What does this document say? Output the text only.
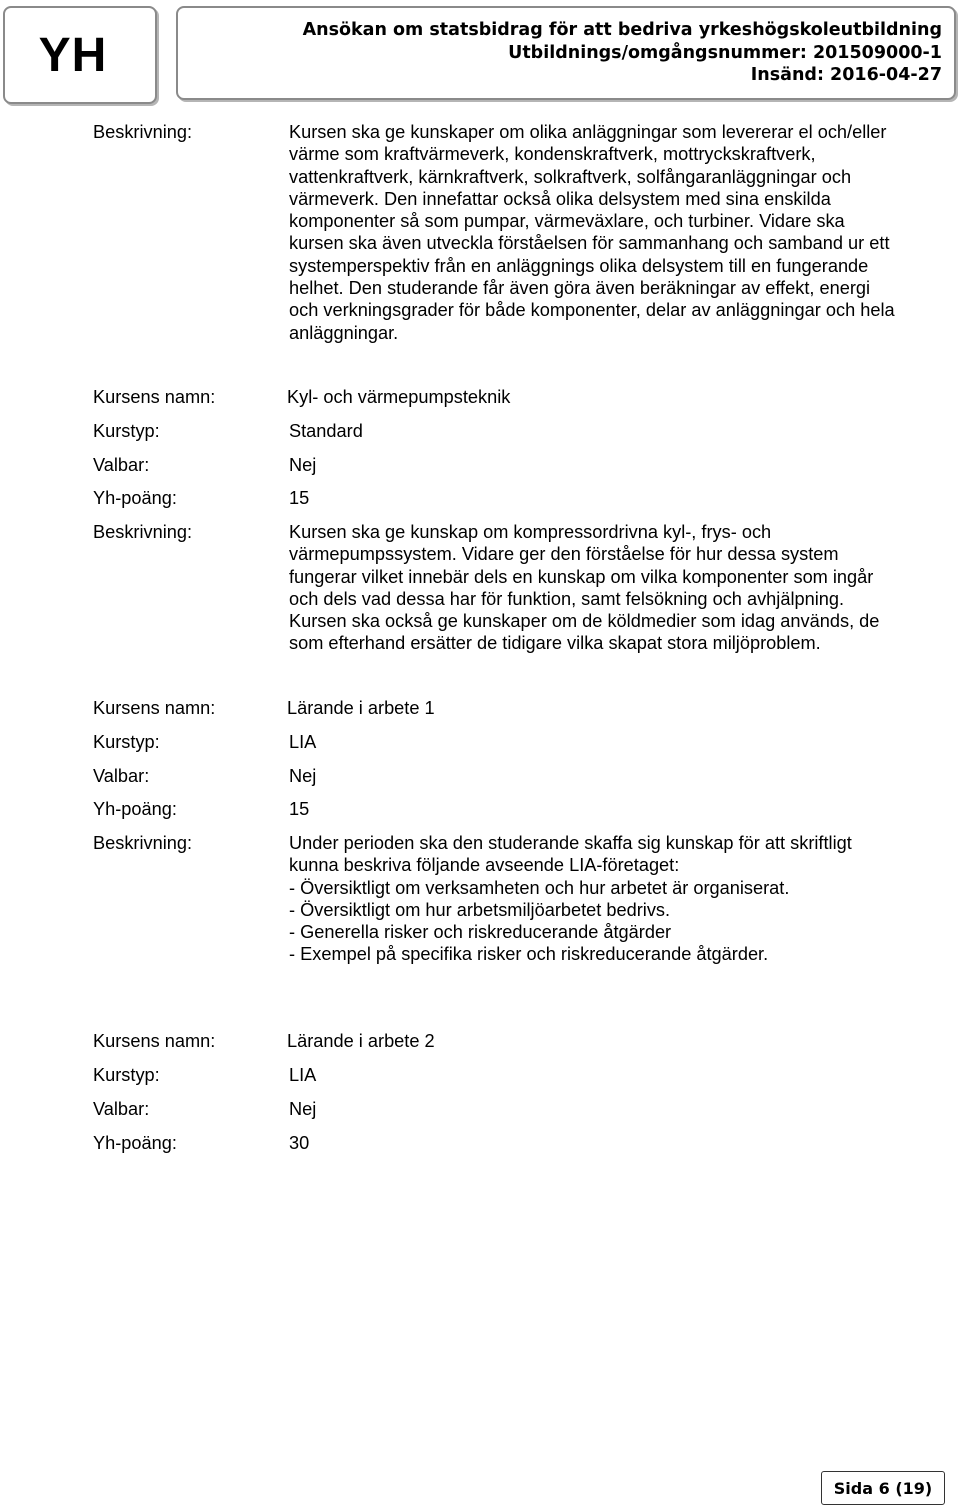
YH	Ansökan om statsbidrag för att bedriva yrkeshögskoleutbildning
Utbildnings/omgångsnummer: 201509000-1
Insänd: 2016-04-27
Beskrivning:	Kursen ska ge kunskaper om olika anläggningar som levererar el och/eller
värme som kraftvärmeverk, kondenskraftverk, mottryckskraftverk,
vattenkraftverk, kärnkraftverk, solkraftverk, solfångaranläggningar och
värmeverk. Den innefattar också olika delsystem med sina enskilda
komponenter så som pumpar, värmeväxlare, och turbiner. Vidare ska
kursen ska även utveckla förståelsen för sammanhang och samband ur ett
systemperspektiv från en anläggnings olika delsystem till en fungerande
helhet. Den studerande får även göra även beräkningar av effekt, energi
och verkningsgrader för både komponenter, delar av anläggningar och hela
anläggningar.
Kursens namn:	Kyl- och värmepumpsteknik
Kurstyp:	Standard
Valbar:	Nej
Yh-poäng:	15
Beskrivning:	Kursen ska ge kunskap om kompressordrivna kyl-, frys- och
värmepumpssystem. Vidare ger den förståelse för hur dessa system
fungerar vilket innebär dels en kunskap om vilka komponenter som ingår
och dels vad dessa har för funktion, samt felsökning och avhjälpning.
Kursen ska också ge kunskaper om de köldmedier som idag används, de
som efterhand ersätter de tidigare vilka skapat stora miljöproblem.
Kursens namn:	Lärande i arbete 1
Kurstyp:	LIA
Valbar:	Nej
Yh-poäng:	15
Beskrivning:	Under perioden ska den studerande skaffa sig kunskap för att skriftligt
kunna beskriva följande avseende LIA-företaget:
- Översiktligt om verksamheten och hur arbetet är organiserat.
- Översiktligt om hur arbetsmiljöarbetet bedrivs.
- Generella risker och riskreducerande åtgärder
- Exempel på specifika risker och riskreducerande åtgärder.
Kursens namn:	Lärande i arbete 2
Kurstyp:	LIA
Valbar:	Nej
Yh-poäng:	30
Sida 6 (19)
